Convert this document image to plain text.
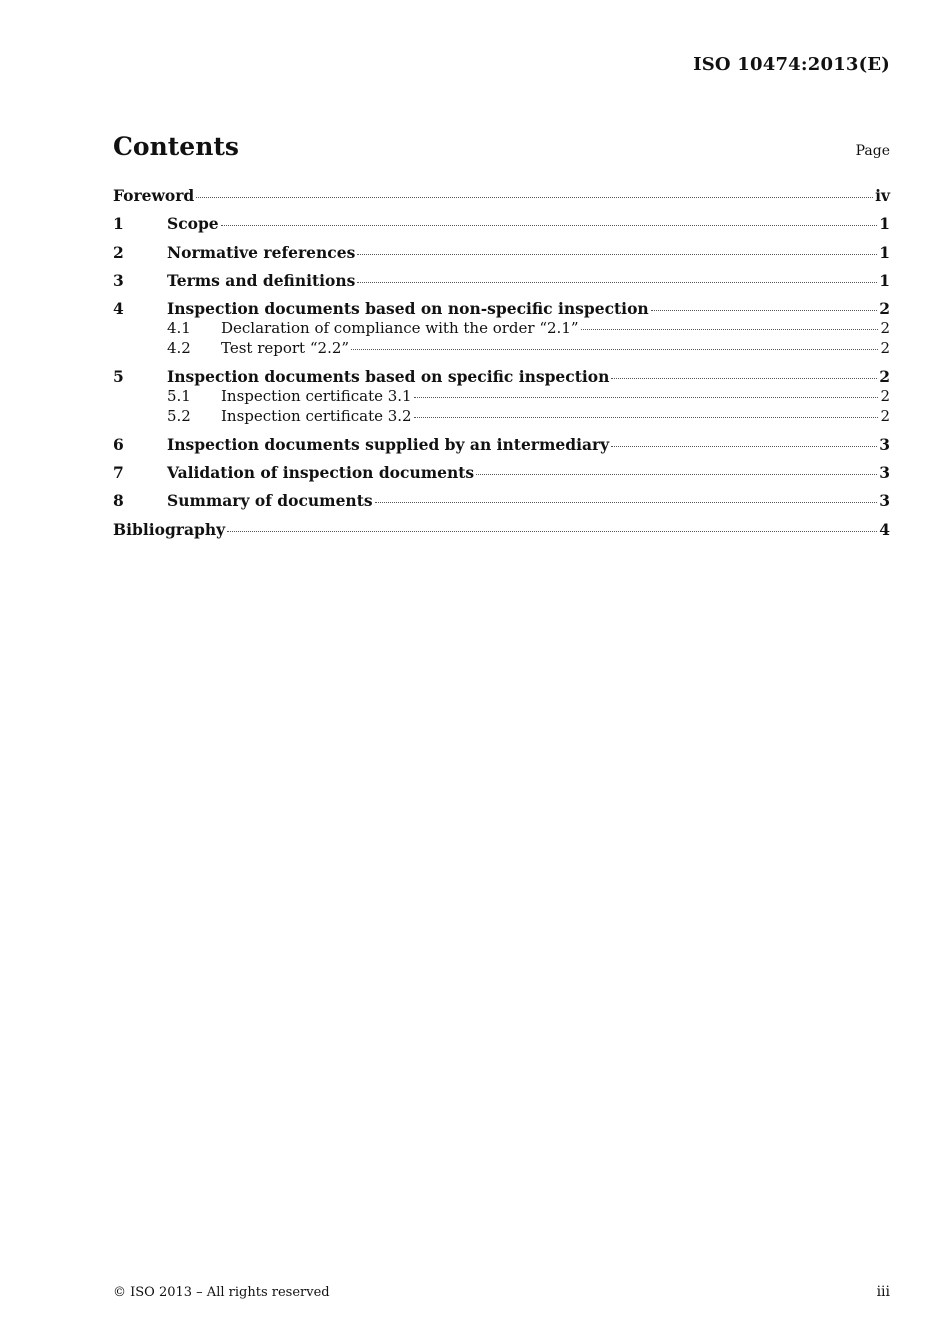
ISO 10474:2013(E)
Contents	Page
Foreword	iv
1	Scope	1
2	Normative references	1
3	Terms and definitions	1
4	Inspection documents based on non-specific inspection	2
4.1	Declaration of compliance with the order “2.1”	2
4.2	Test report “2.2”	2
5	Inspection documents based on specific inspection	2
5.1	Inspection certificate 3.1	2
5.2	Inspection certificate 3.2	2
6	Inspection documents supplied by an intermediary	3
7	Validation of inspection documents	3
8	Summary of documents	3
Bibliography	4
© ISO 2013 – All rights reserved	iii
